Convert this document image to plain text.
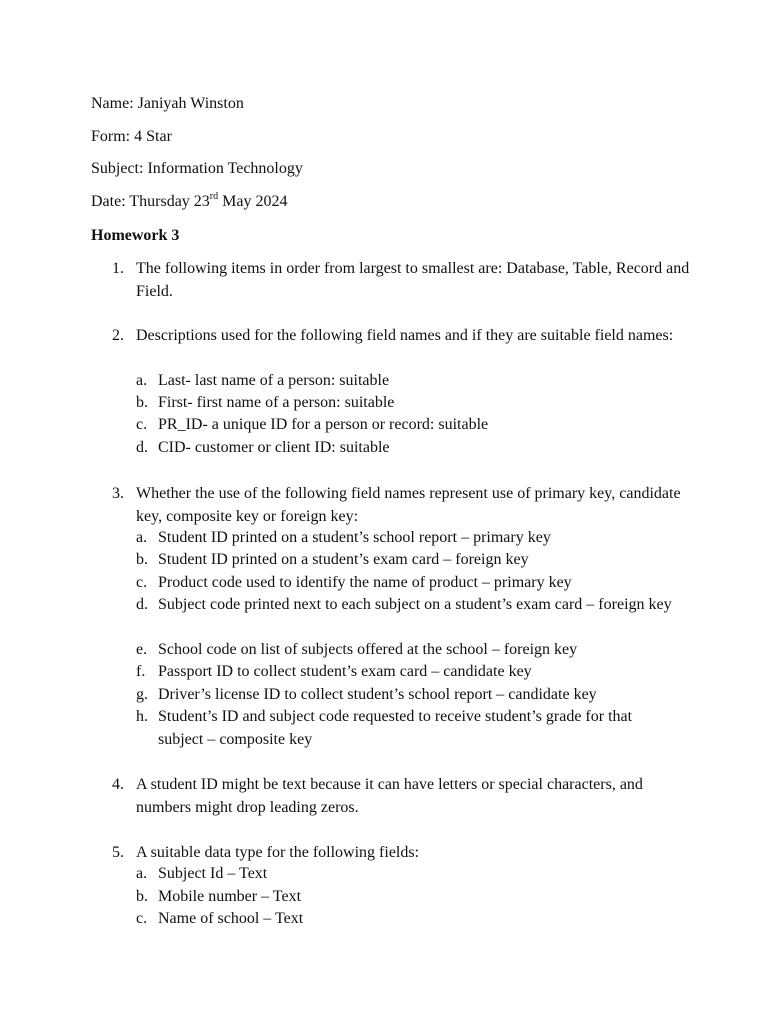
Name: Janiyah Winston
Form: 4 Star
Subject: Information Technology
Date: Thursday 23rd May 2024
Homework 3
1. The following items in order from largest to smallest are: Database, Table, Record and Field.
2. Descriptions used for the following field names and if they are suitable field names:
a. Last- last name of a person: suitable
b. First- first name of a person: suitable
c. PR_ID- a unique ID for a person or record: suitable
d. CID- customer or client ID: suitable
3. Whether the use of the following field names represent use of primary key, candidate key, composite key or foreign key:
a. Student ID printed on a student’s school report – primary key
b. Student ID printed on a student’s exam card – foreign key
c. Product code used to identify the name of product – primary key
d. Subject code printed next to each subject on a student’s exam card – foreign key
e. School code on list of subjects offered at the school – foreign key
f. Passport ID to collect student’s exam card – candidate key
g. Driver’s license ID to collect student’s school report – candidate key
h. Student’s ID and subject code requested to receive student’s grade for that subject – composite key
4. A student ID might be text because it can have letters or special characters, and numbers might drop leading zeros.
5. A suitable data type for the following fields:
a. Subject Id – Text
b. Mobile number – Text
c. Name of school – Text
